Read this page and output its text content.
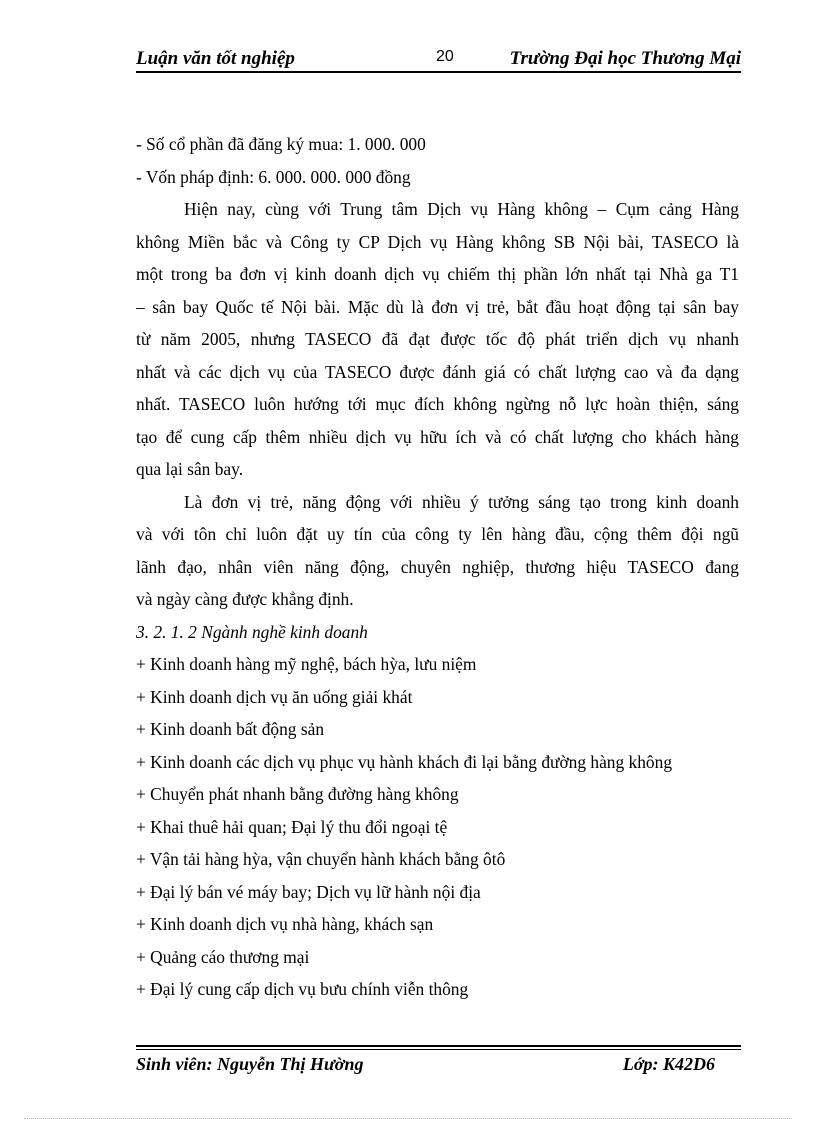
Luận văn tốt nghiệp	20	Trường Đại học Thương Mại
- Số cổ phần đã đăng ký mua: 1. 000. 000
- Vốn pháp định: 6. 000. 000. 000 đồng
Hiện nay, cùng với Trung tâm Dịch vụ Hàng không – Cụm cảng Hàng
không Miền bắc và Công ty CP Dịch vụ Hàng không SB Nội bài, TASECO là
một trong ba đơn vị kinh doanh dịch vụ chiếm thị phần lớn nhất tại Nhà ga T1
– sân bay Quốc tế Nội bài. Mặc dù là đơn vị trẻ, bắt đầu hoạt động tại sân bay
từ năm 2005, nhưng TASECO đã đạt được tốc độ phát triển dịch vụ nhanh
nhất và các dịch vụ của TASECO được đánh giá có chất lượng cao và đa dạng
nhất. TASECO luôn hướng tới mục đích không ngừng nỗ lực hoàn thiện, sáng
tạo để cung cấp thêm nhiều dịch vụ hữu ích và có chất lượng cho khách hàng
qua lại sân bay.
Là đơn vị trẻ, năng động với nhiều ý tưởng sáng tạo trong kinh doanh
và với tôn chỉ luôn đặt uy tín của công ty lên hàng đầu, cộng thêm đội ngũ
lãnh đạo, nhân viên năng động, chuyên nghiệp, thương hiệu TASECO đang
và ngày càng được khẳng định.
3. 2. 1. 2 Ngành nghề kinh doanh
+ Kinh doanh hàng mỹ nghệ, bách hỳa, lưu niệm
+ Kinh doanh dịch vụ ăn uống giải khát
+ Kinh doanh bất động sản
+ Kinh doanh các dịch vụ phục vụ hành khách đi lại bằng đường hàng không
+ Chuyển phát nhanh bằng đường hàng không
+ Khai thuê hải quan; Đại lý thu đổi ngoại tệ
+ Vận tải hàng hỳa, vận chuyển hành khách bằng ôtô
+ Đại lý bán vé máy bay; Dịch vụ lữ hành nội địa
+ Kinh doanh dịch vụ nhà hàng, khách sạn
+ Quảng cáo thương mại
+ Đại lý cung cấp dịch vụ bưu chính viễn thông
Sinh viên: Nguyễn Thị Hường	Lớp: K42D6
